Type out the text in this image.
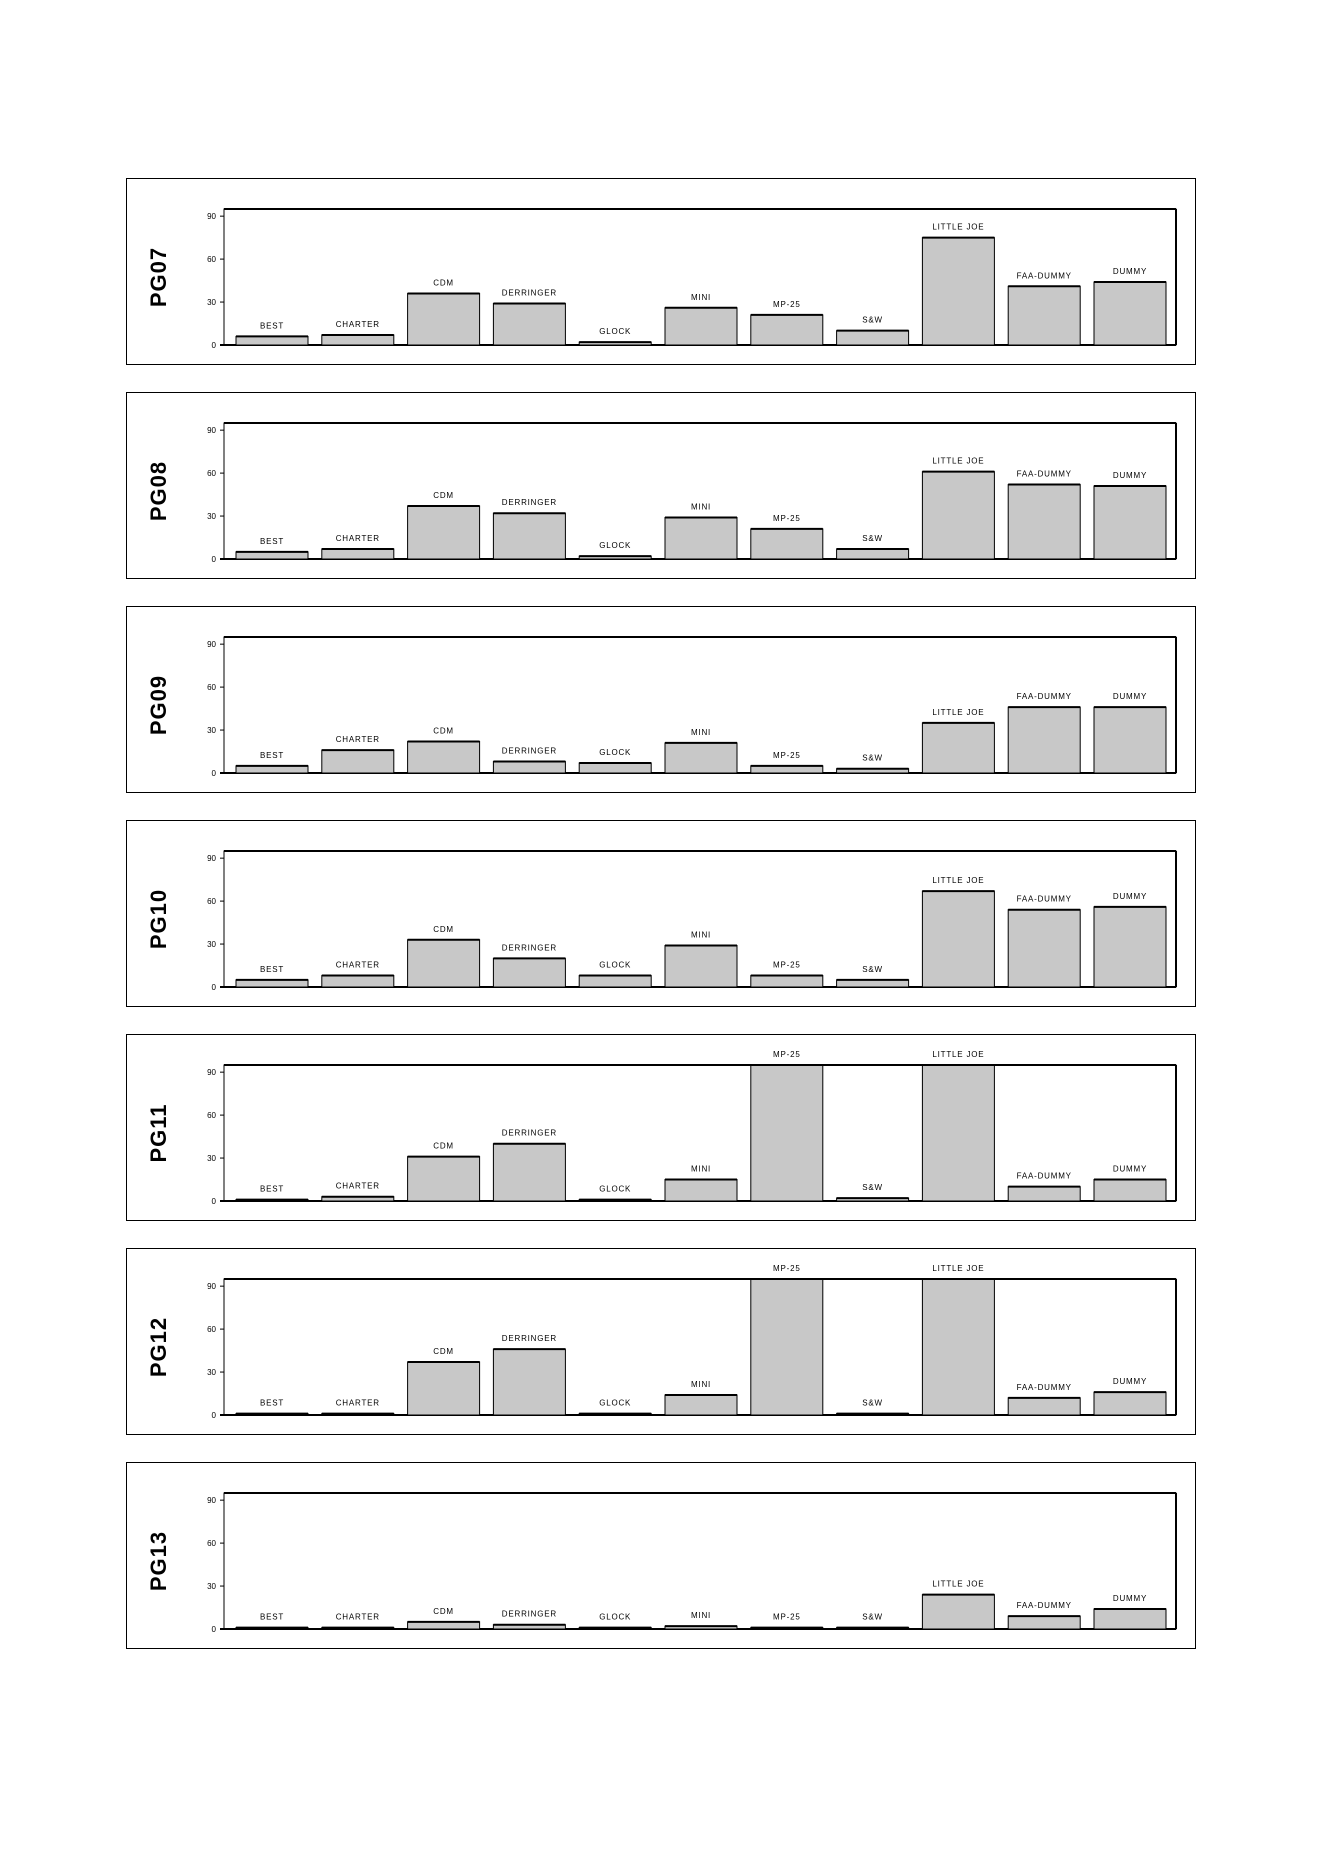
0
30
60
90
PG07
BEST	CHARTER
CDM
DERRINGER
GLOCK
MINI
MP-25
S&W
LITTLE JOE
FAA-DUMMY	DUMMY
0
30
60
90
PG08
BEST	CHARTER
CDM
DERRINGER
GLOCK
MINI
MP-25
S&W
LITTLE JOE
FAA-DUMMY	DUMMY
0
30
60
90
PG09
BEST
CHARTER
CDM
DERRINGER	GLOCK
MINI
MP-25	S&W
LITTLE JOE
FAA-DUMMY	DUMMY
0
30
60
90
PG10
BEST	CHARTER
CDM
DERRINGER
GLOCK
MINI
MP-25	S&W
LITTLE JOE
FAA-DUMMY	DUMMY
0
30
60
90
PG11
BEST	CHARTER
CDM
DERRINGER
GLOCK
MINI
MP-25
S&W
LITTLE JOE
FAA-DUMMY
DUMMY
0
30
60
90
PG12
BEST	CHARTER
CDM
DERRINGER
GLOCK
MINI
MP-25
S&W
LITTLE JOE
FAA-DUMMY
DUMMY
0
30
60
90
PG13
BEST	CHARTER
CDM	DERRINGER	GLOCK	MINI	MP-25	S&W
LITTLE JOE
FAA-DUMMY
DUMMY
